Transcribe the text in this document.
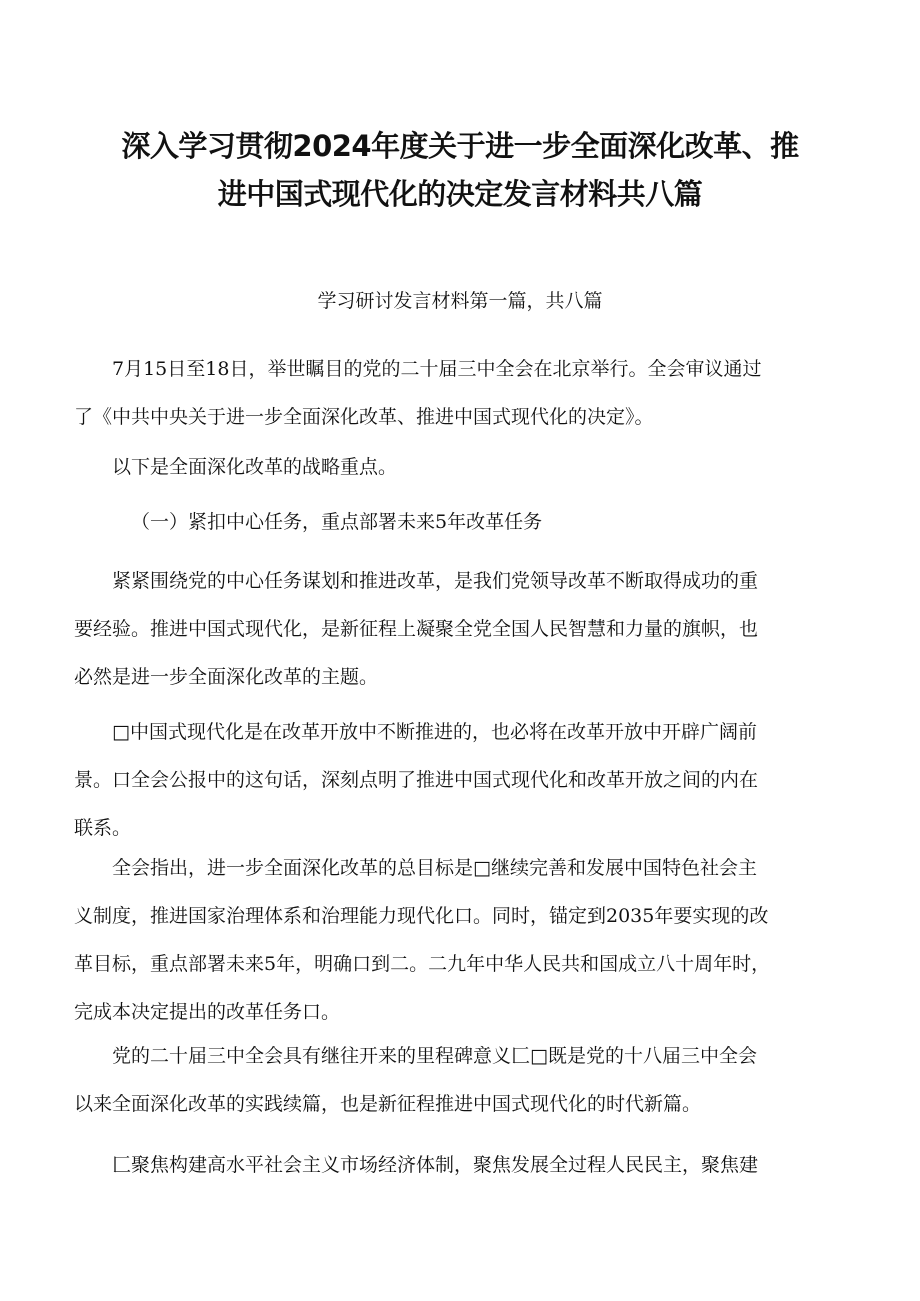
深入学习贯彻2024年度关于进一步全面深化改革、推
进中国式现代化的决定发言材料共八篇

学习研讨发言材料第一篇，共八篇

7月15日至18日，举世瞩目的党的二十届三中全会在北京举行。全会审议通过
了《中共中央关于进一步全面深化改革、推进中国式现代化的决定》。
以下是全面深化改革的战略重点。
（一）紧扣中心任务，重点部署未来5年改革任务
紧紧围绕党的中心任务谋划和推进改革，是我们党领导改革不断取得成功的重
要经验。推进中国式现代化，是新征程上凝聚全党全国人民智慧和力量的旗帜，也
必然是进一步全面深化改革的主题。
□中国式现代化是在改革开放中不断推进的，也必将在改革开放中开辟广阔前
景。口全会公报中的这句话，深刻点明了推进中国式现代化和改革开放之间的内在
联系。
全会指出，进一步全面深化改革的总目标是□继续完善和发展中国特色社会主
义制度，推进国家治理体系和治理能力现代化口。同时，锚定到2035年要实现的改
革目标，重点部署未来5年，明确口到二。二九年中华人民共和国成立八十周年时，
完成本决定提出的改革任务口。
党的二十届三中全会具有继往开来的里程碑意义匚□既是党的十八届三中全会
以来全面深化改革的实践续篇，也是新征程推进中国式现代化的时代新篇。
匚聚焦构建高水平社会主义市场经济体制，聚焦发展全过程人民民主，聚焦建
